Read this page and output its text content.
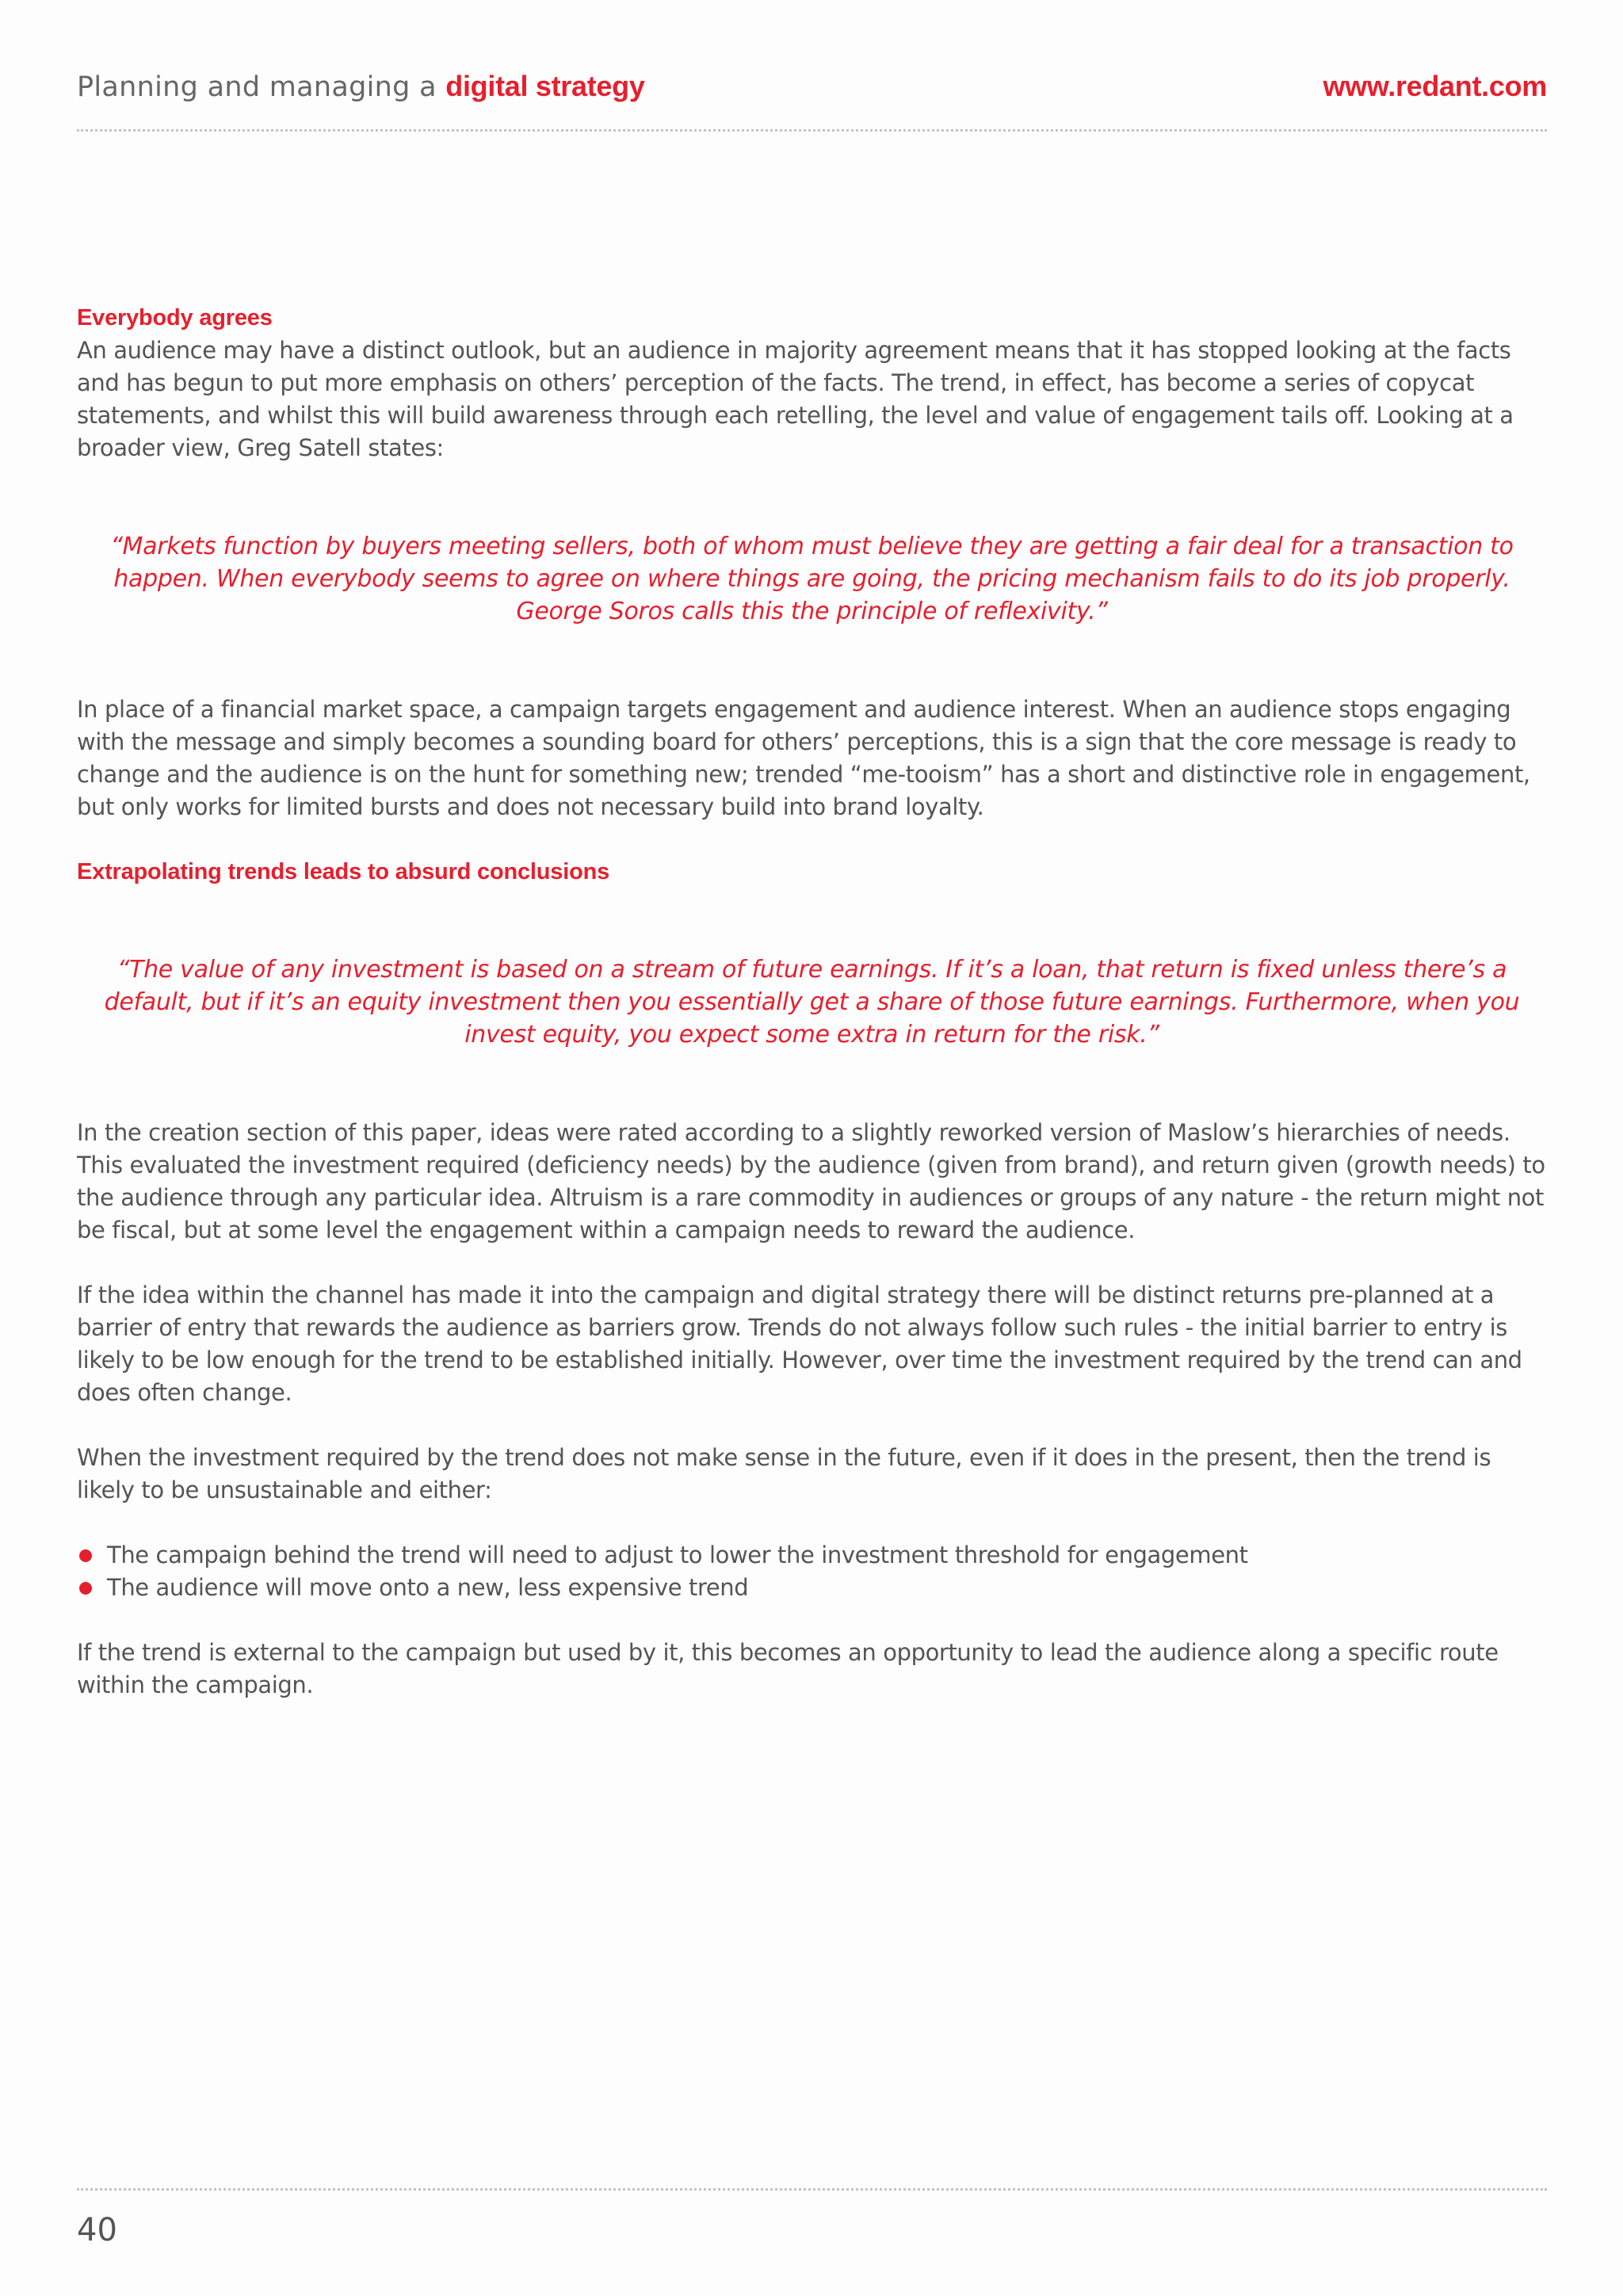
Planning and managing a digital strategy	www.redant.com
Everybody agrees

An audience may have a distinct outlook, but an audience in majority agreement means that it has stopped looking at the facts and has begun to put more emphasis on others’ perception of the facts. The trend, in effect, has become a series of copycat statements, and whilst this will build awareness through each retelling, the level and value of engagement tails off. Looking at a broader view, Greg Satell states:

“Markets function by buyers meeting sellers, both of whom must believe they are getting a fair deal for a transaction to happen. When everybody seems to agree on where things are going, the pricing mechanism fails to do its job properly. George Soros calls this the principle of reflexivity.”

In place of a financial market space, a campaign targets engagement and audience interest. When an audience stops engaging with the message and simply becomes a sounding board for others’ perceptions, this is a sign that the core message is ready to change and the audience is on the hunt for something new; trended “me-tooism” has a short and distinctive role in engagement, but only works for limited bursts and does not necessary build into brand loyalty.

Extrapolating trends leads to absurd conclusions

“The value of any investment is based on a stream of future earnings. If it’s a loan, that return is fixed unless there’s a default, but if it’s an equity investment then you essentially get a share of those future earnings. Furthermore, when you invest equity, you expect some extra in return for the risk.”

In the creation section of this paper, ideas were rated according to a slightly reworked version of Maslow’s hierarchies of needs. This evaluated the investment required (deficiency needs) by the audience (given from brand), and return given (growth needs) to the audience through any particular idea. Altruism is a rare commodity in audiences or groups of any nature - the return might not be fiscal, but at some level the engagement within a campaign needs to reward the audience.

If the idea within the channel has made it into the campaign and digital strategy there will be distinct returns pre-planned at a barrier of entry that rewards the audience as barriers grow. Trends do not always follow such rules - the initial barrier to entry is likely to be low enough for the trend to be established initially. However, over time the investment required by the trend can and does often change.

When the investment required by the trend does not make sense in the future, even if it does in the present, then the trend is likely to be unsustainable and either:

The campaign behind the trend will need to adjust to lower the investment threshold for engagement
The audience will move onto a new, less expensive trend

If the trend is external to the campaign but used by it, this becomes an opportunity to lead the audience along a specific route within the campaign.

40
